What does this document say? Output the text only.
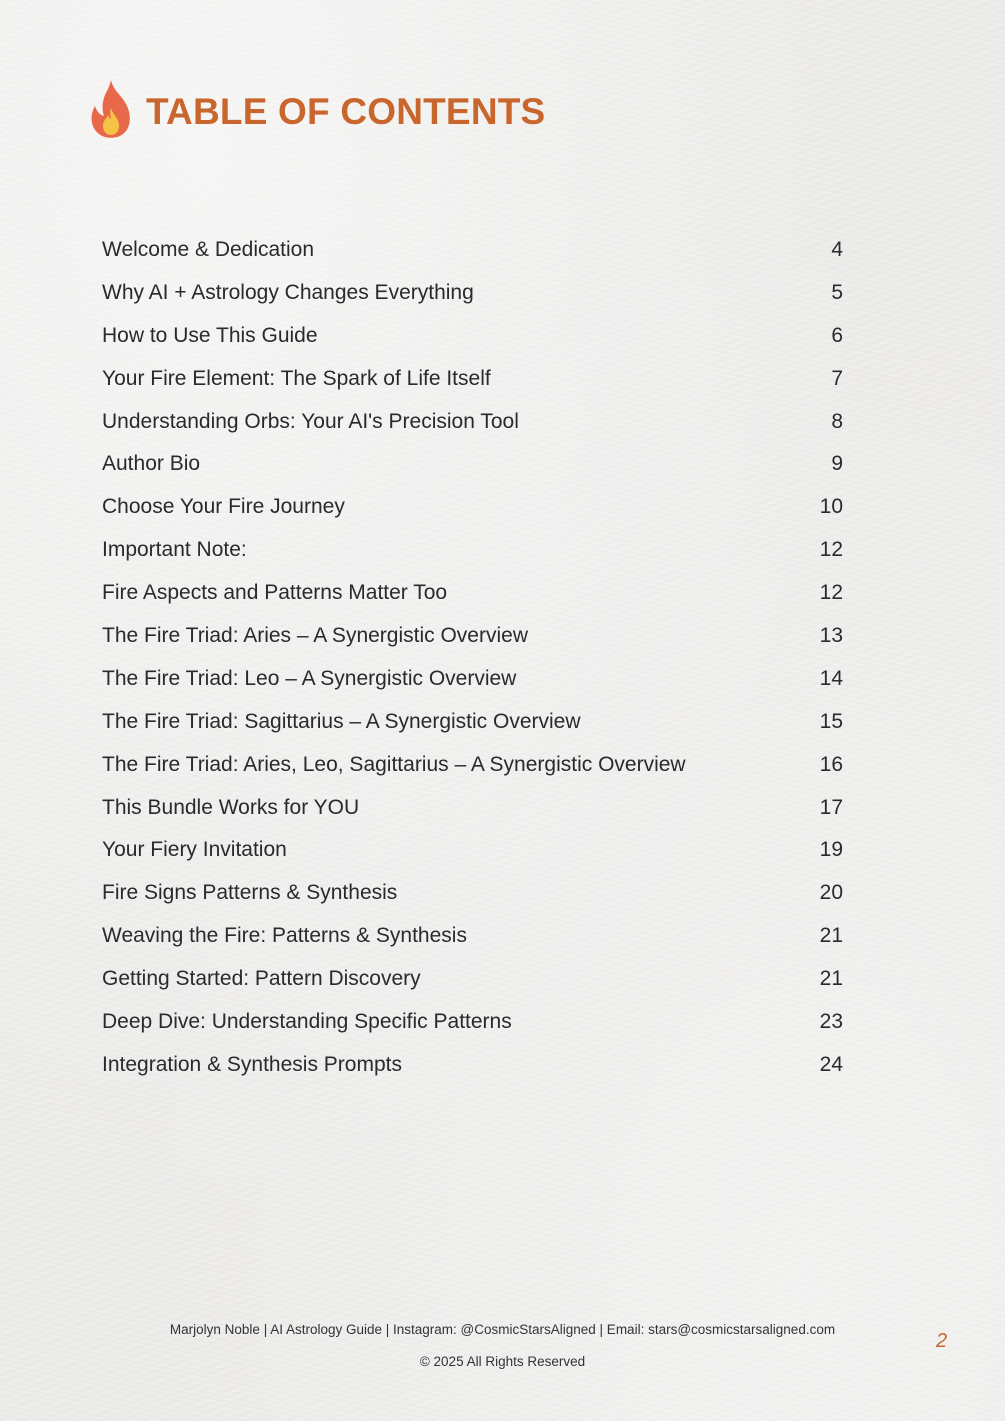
TABLE OF CONTENTS
Welcome & Dedication	4
Why AI + Astrology Changes Everything	5
How to Use This Guide	6
Your Fire Element: The Spark of Life Itself	7
Understanding Orbs: Your AI's Precision Tool	8
Author Bio	9
Choose Your Fire Journey	10
Important Note:	12
Fire Aspects and Patterns Matter Too	12
The Fire Triad: Aries – A Synergistic Overview	13
The Fire Triad: Leo – A Synergistic Overview	14
The Fire Triad: Sagittarius – A Synergistic Overview	15
The Fire Triad: Aries, Leo, Sagittarius – A Synergistic Overview	16
This Bundle Works for YOU	17
Your Fiery Invitation	19
Fire Signs Patterns & Synthesis	20
Weaving the Fire: Patterns & Synthesis	21
Getting Started: Pattern Discovery	21
Deep Dive: Understanding Specific Patterns	23
Integration & Synthesis Prompts	24
Marjolyn Noble | AI Astrology Guide | Instagram: @CosmicStarsAligned | Email: stars@cosmicstarsaligned.com
© 2025 All Rights Reserved
2
